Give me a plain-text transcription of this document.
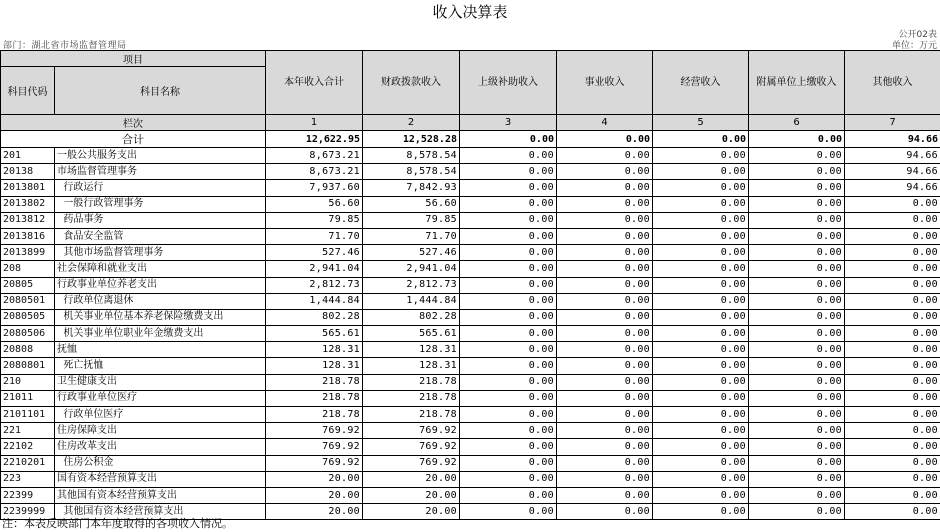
收入决算表
部门：湖北省市场监督管理局
公开02表
单位：万元
项目		本年收入合计	财政拨款收入	上级补助收入	事业收入	经营收入	附属单位上缴收入	其他收入
科目代码	科目名称							
栏次		1	2	3	4	5	6	7
合计		12,622.95	12,528.28	0.00	0.00	0.00	0.00	94.66
201	一般公共服务支出	8,673.21	8,578.54	0.00	0.00	0.00	0.00	94.66
20138	市场监督管理事务	8,673.21	8,578.54	0.00	0.00	0.00	0.00	94.66
2013801	行政运行	7,937.60	7,842.93	0.00	0.00	0.00	0.00	94.66
2013802	一般行政管理事务	56.60	56.60	0.00	0.00	0.00	0.00	0.00
2013812	药品事务	79.85	79.85	0.00	0.00	0.00	0.00	0.00
2013816	食品安全监管	71.70	71.70	0.00	0.00	0.00	0.00	0.00
2013899	其他市场监督管理事务	527.46	527.46	0.00	0.00	0.00	0.00	0.00
208	社会保障和就业支出	2,941.04	2,941.04	0.00	0.00	0.00	0.00	0.00
20805	行政事业单位养老支出	2,812.73	2,812.73	0.00	0.00	0.00	0.00	0.00
2080501	行政单位离退休	1,444.84	1,444.84	0.00	0.00	0.00	0.00	0.00
2080505	机关事业单位基本养老保险缴费支出	802.28	802.28	0.00	0.00	0.00	0.00	0.00
2080506	机关事业单位职业年金缴费支出	565.61	565.61	0.00	0.00	0.00	0.00	0.00
20808	抚恤	128.31	128.31	0.00	0.00	0.00	0.00	0.00
2080801	死亡抚恤	128.31	128.31	0.00	0.00	0.00	0.00	0.00
210	卫生健康支出	218.78	218.78	0.00	0.00	0.00	0.00	0.00
21011	行政事业单位医疗	218.78	218.78	0.00	0.00	0.00	0.00	0.00
2101101	行政单位医疗	218.78	218.78	0.00	0.00	0.00	0.00	0.00
221	住房保障支出	769.92	769.92	0.00	0.00	0.00	0.00	0.00
22102	住房改革支出	769.92	769.92	0.00	0.00	0.00	0.00	0.00
2210201	住房公积金	769.92	769.92	0.00	0.00	0.00	0.00	0.00
223	国有资本经营预算支出	20.00	20.00	0.00	0.00	0.00	0.00	0.00
22399	其他国有资本经营预算支出	20.00	20.00	0.00	0.00	0.00	0.00	0.00
2239999	其他国有资本经营预算支出	20.00	20.00	0.00	0.00	0.00	0.00	0.00
注：本表反映部门本年度取得的各项收入情况。
